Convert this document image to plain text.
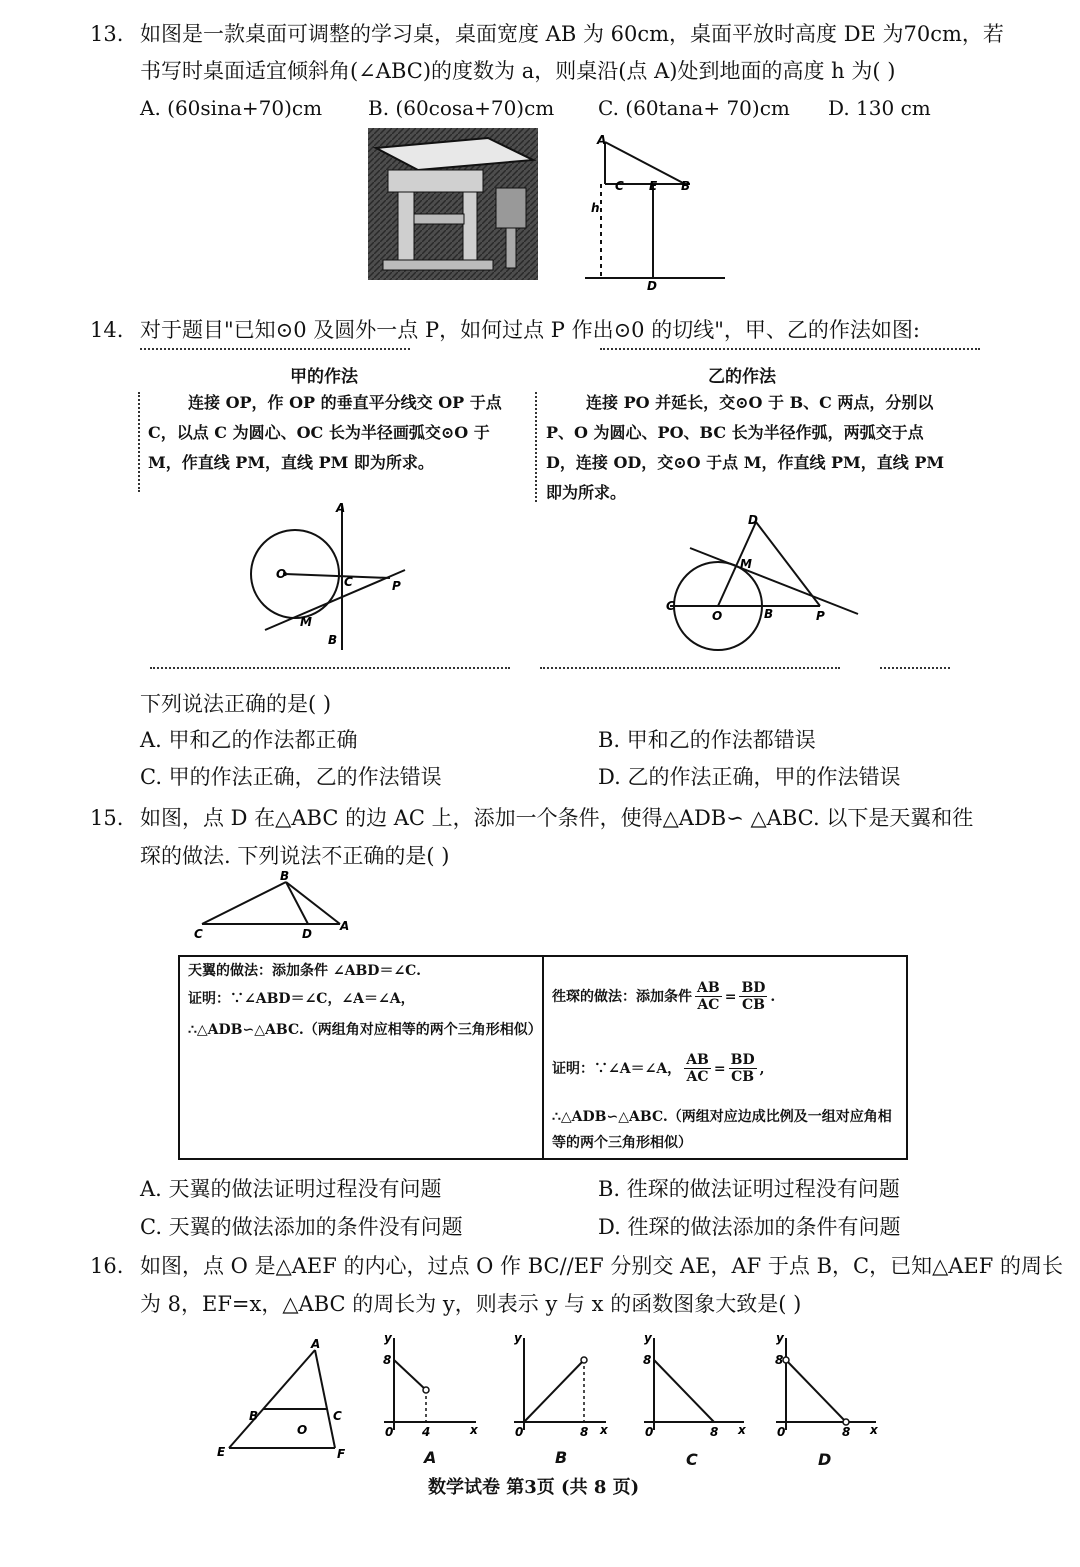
13. 如图是一款桌面可调整的学习桌，桌面宽度 AB 为 60cm，桌面平放时高度 DE 为70cm，若
书写时桌面适宜倾斜角(∠ABC)的度数为 a，则桌沿(点 A)处到地面的高度 h 为( )
A. (60sina+70)cm B. (60cosa+70)cm C. (60tana+ 70)cm D. 130 cm
A
C E B
h
D
14. 对于题目"已知⊙0 及圆外一点 P，如何过点 P 作出⊙0 的切线"，甲、乙的作法如图:
甲的作法
连接 OP，作 OP 的垂直平分线交 OP 于点 C，以点 C 为圆心、OC 长为半径画弧交⊙O 于 M，作直线 PM，直线 PM 即为所求。
乙的作法
连接 PO 并延长，交⊙O 于 B、C 两点，分别以 P、O 为圆心、PO、BC 长为半径作弧，两弧交于点 D，连接 OD，交⊙O 于点 M，作直线 PM，直线 PM 即为所求。
A
O
C	P
M
B
D
M
C
O	B	P
下列说法正确的是( )
A. 甲和乙的作法都正确	B. 甲和乙的作法都错误
C. 甲的作法正确，乙的作法错误	D. 乙的作法正确，甲的作法错误
15. 如图，点 D 在△ABC 的边 AC 上，添加一个条件，使得△ADB∽ △ABC. 以下是天翼和徃
琛的做法. 下列说法不正确的是( )
B
C	D
A
天翼的做法：添加条件 ∠ABD＝∠C.
证明：∵∠ABD＝∠C，∠A＝∠A，
∴△ADB∽△ABC.（两组角对应相等的两个三角形相似）
徃琛的做法：添加条件 $\frac{AB}{AC} = \frac{BD}{CB}$ .
证明：∵∠A＝∠A， $\frac{AB}{AC} = \frac{BD}{CB}$ ,
∴△ADB∽△ABC.（两组对应边成比例及一组对应角相等的两个三角形相似）
A. 天翼的做法证明过程没有问题	B. 徃琛的做法证明过程没有问题
C. 天翼的做法添加的条件没有问题	D. 徃琛的做法添加的条件有问题
16. 如图，点 O 是△AEF 的内心，过点 O 作 BC//EF 分别交 AE，AF 于点 B，C，已知△AEF 的周长
为 8，EF=x，△ABC 的周长为 y，则表示 y 与 x 的函数图象大致是( )
A
B	C
O
E	F
y
8
0 4	x
A
y
0	8 x
B
y
8
0	8 x
C
y
8
0	8 x
D
数学试卷 第3页 (共 8 页)
